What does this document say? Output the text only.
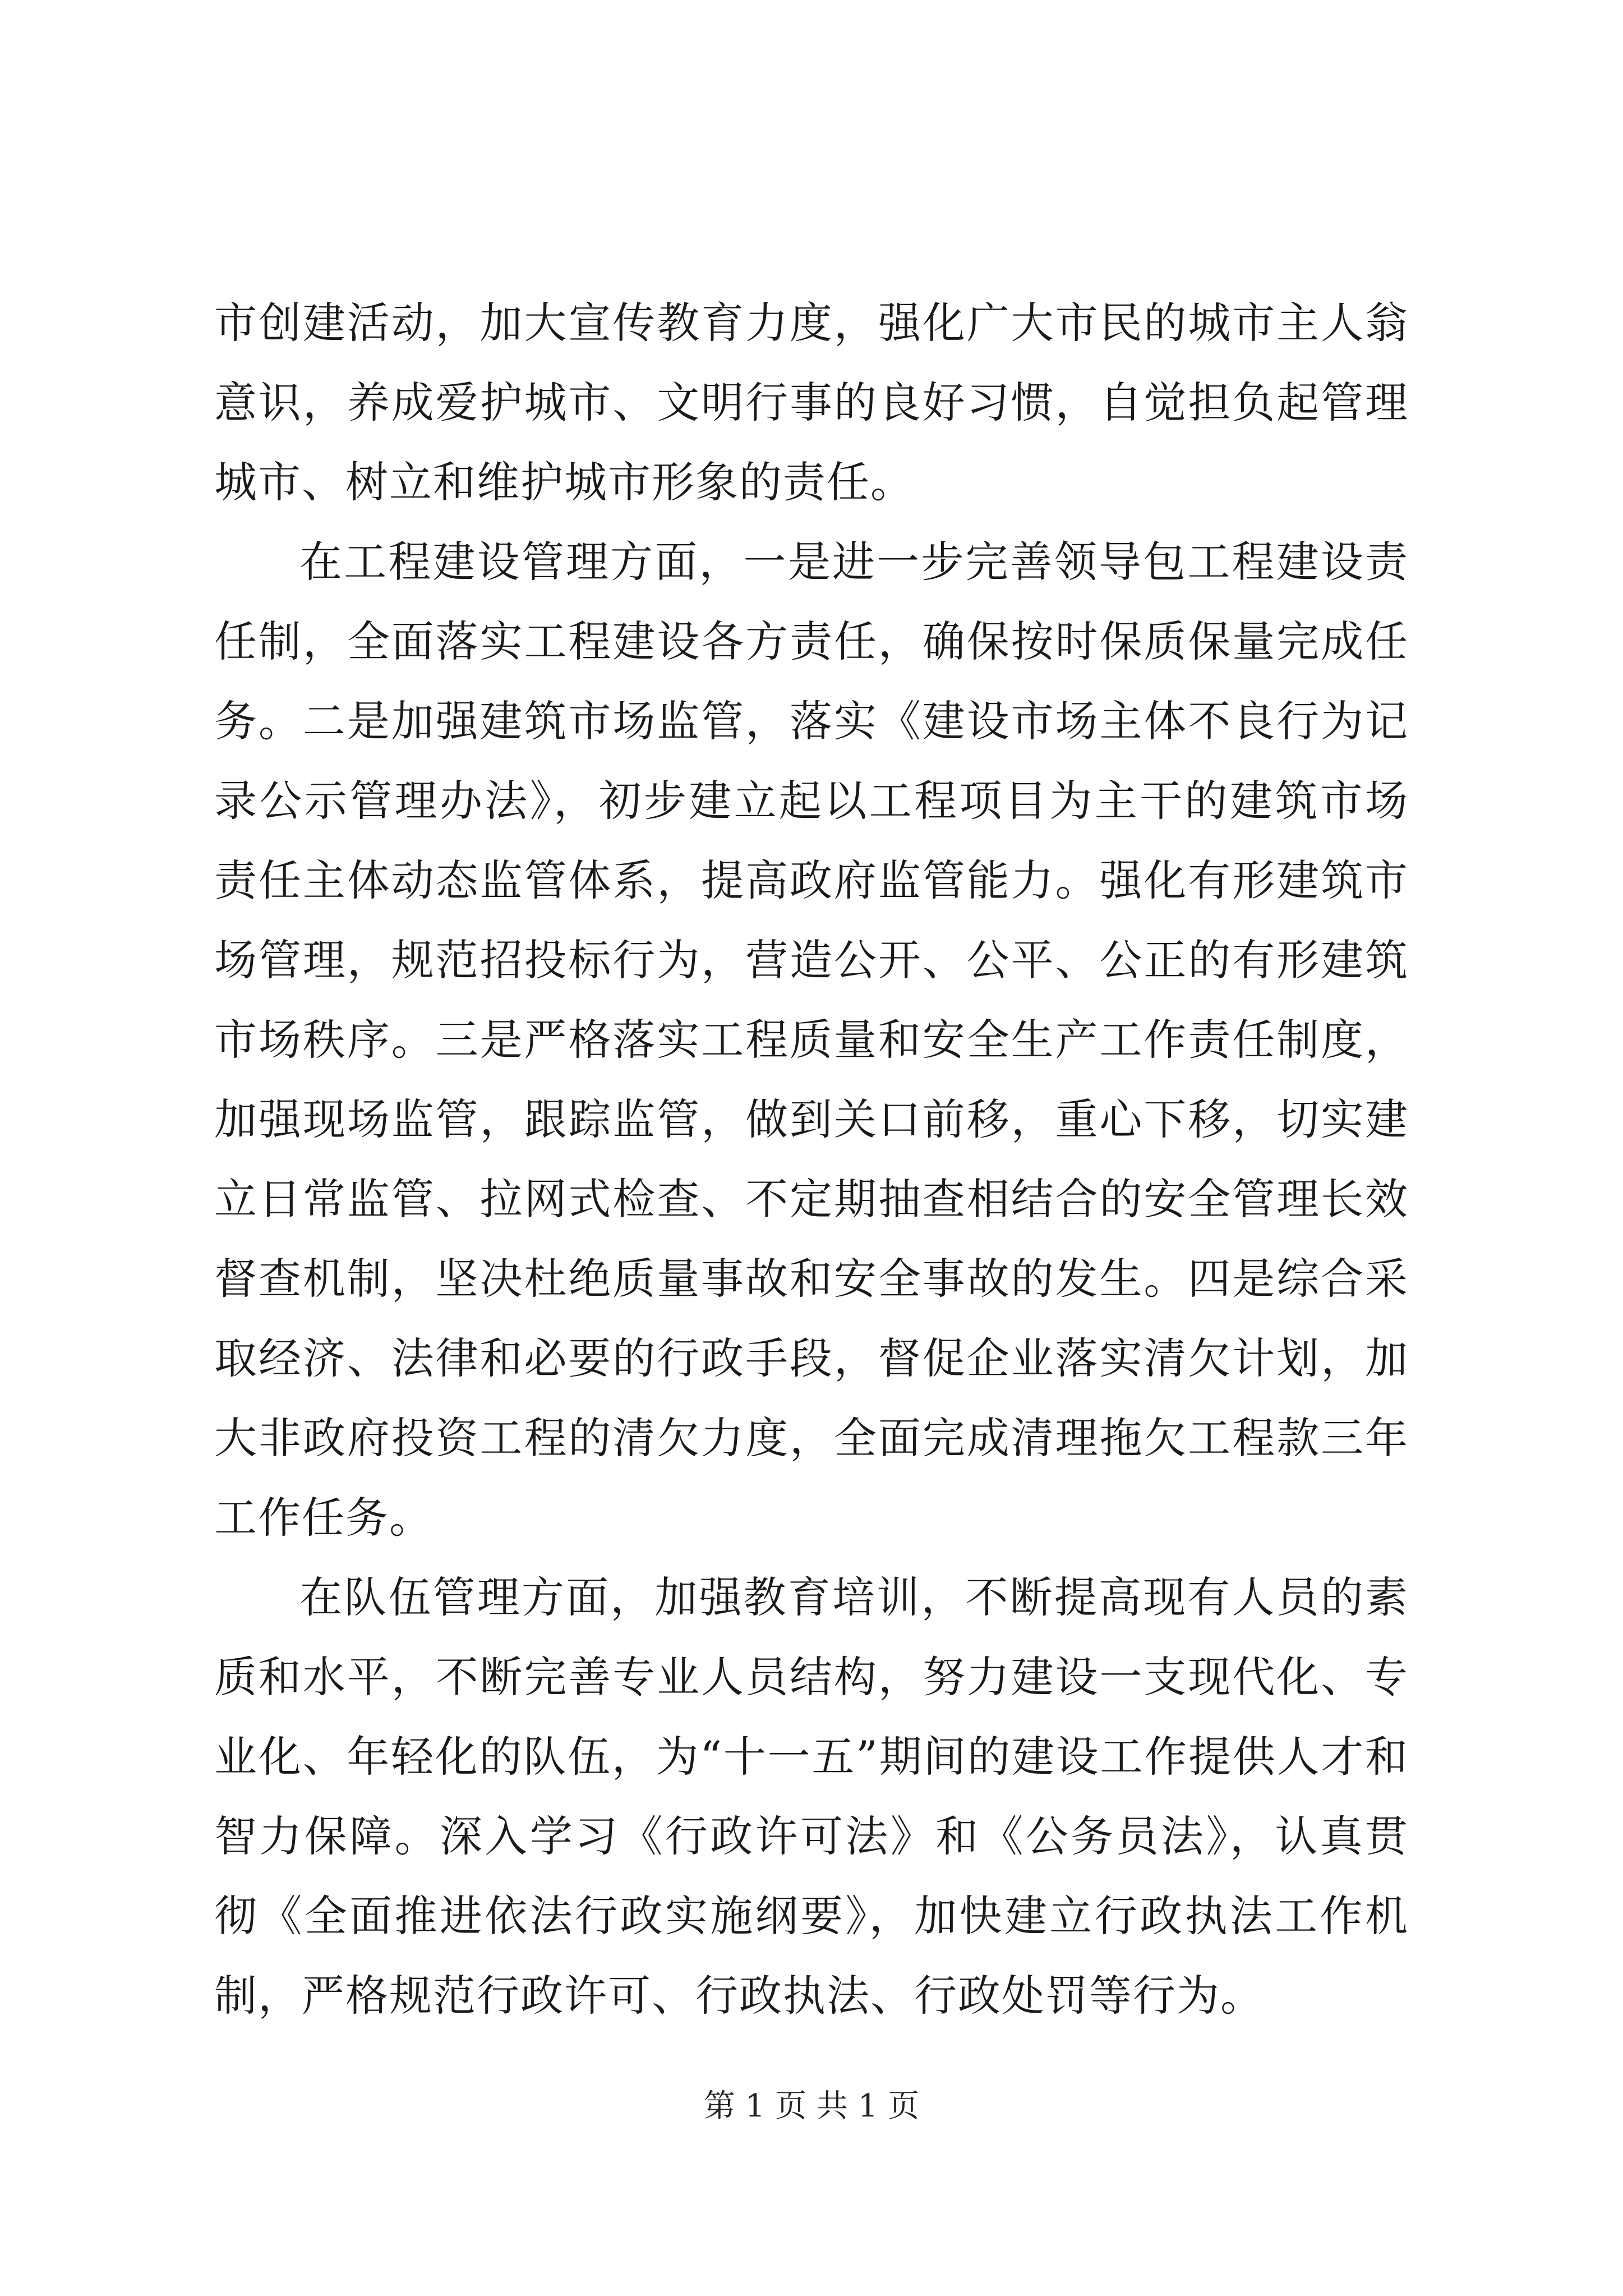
市创建活动，加大宣传教育力度，强化广大市民的城市主人翁意识，养成爱护城市、文明行事的良好习惯，自觉担负起管理城市、树立和维护城市形象的责任。

在工程建设管理方面，一是进一步完善领导包工程建设责任制，全面落实工程建设各方责任，确保按时保质保量完成任务。二是加强建筑市场监管，落实《建设市场主体不良行为记录公示管理办法》，初步建立起以工程项目为主干的建筑市场责任主体动态监管体系，提高政府监管能力。强化有形建筑市场管理，规范招投标行为，营造公开、公平、公正的有形建筑市场秩序。三是严格落实工程质量和安全生产工作责任制度，加强现场监管，跟踪监管，做到关口前移，重心下移，切实建立日常监管、拉网式检查、不定期抽查相结合的安全管理长效督查机制，坚决杜绝质量事故和安全事故的发生。四是综合采取经济、法律和必要的行政手段，督促企业落实清欠计划，加大非政府投资工程的清欠力度，全面完成清理拖欠工程款三年工作任务。

在队伍管理方面，加强教育培训，不断提高现有人员的素质和水平，不断完善专业人员结构，努力建设一支现代化、专业化、年轻化的队伍，为“十一五”期间的建设工作提供人才和智力保障。深入学习《行政许可法》和《公务员法》，认真贯彻《全面推进依法行政实施纲要》，加快建立行政执法工作机制，严格规范行政许可、行政执法、行政处罚等行为。

第 1 页 共 1 页
